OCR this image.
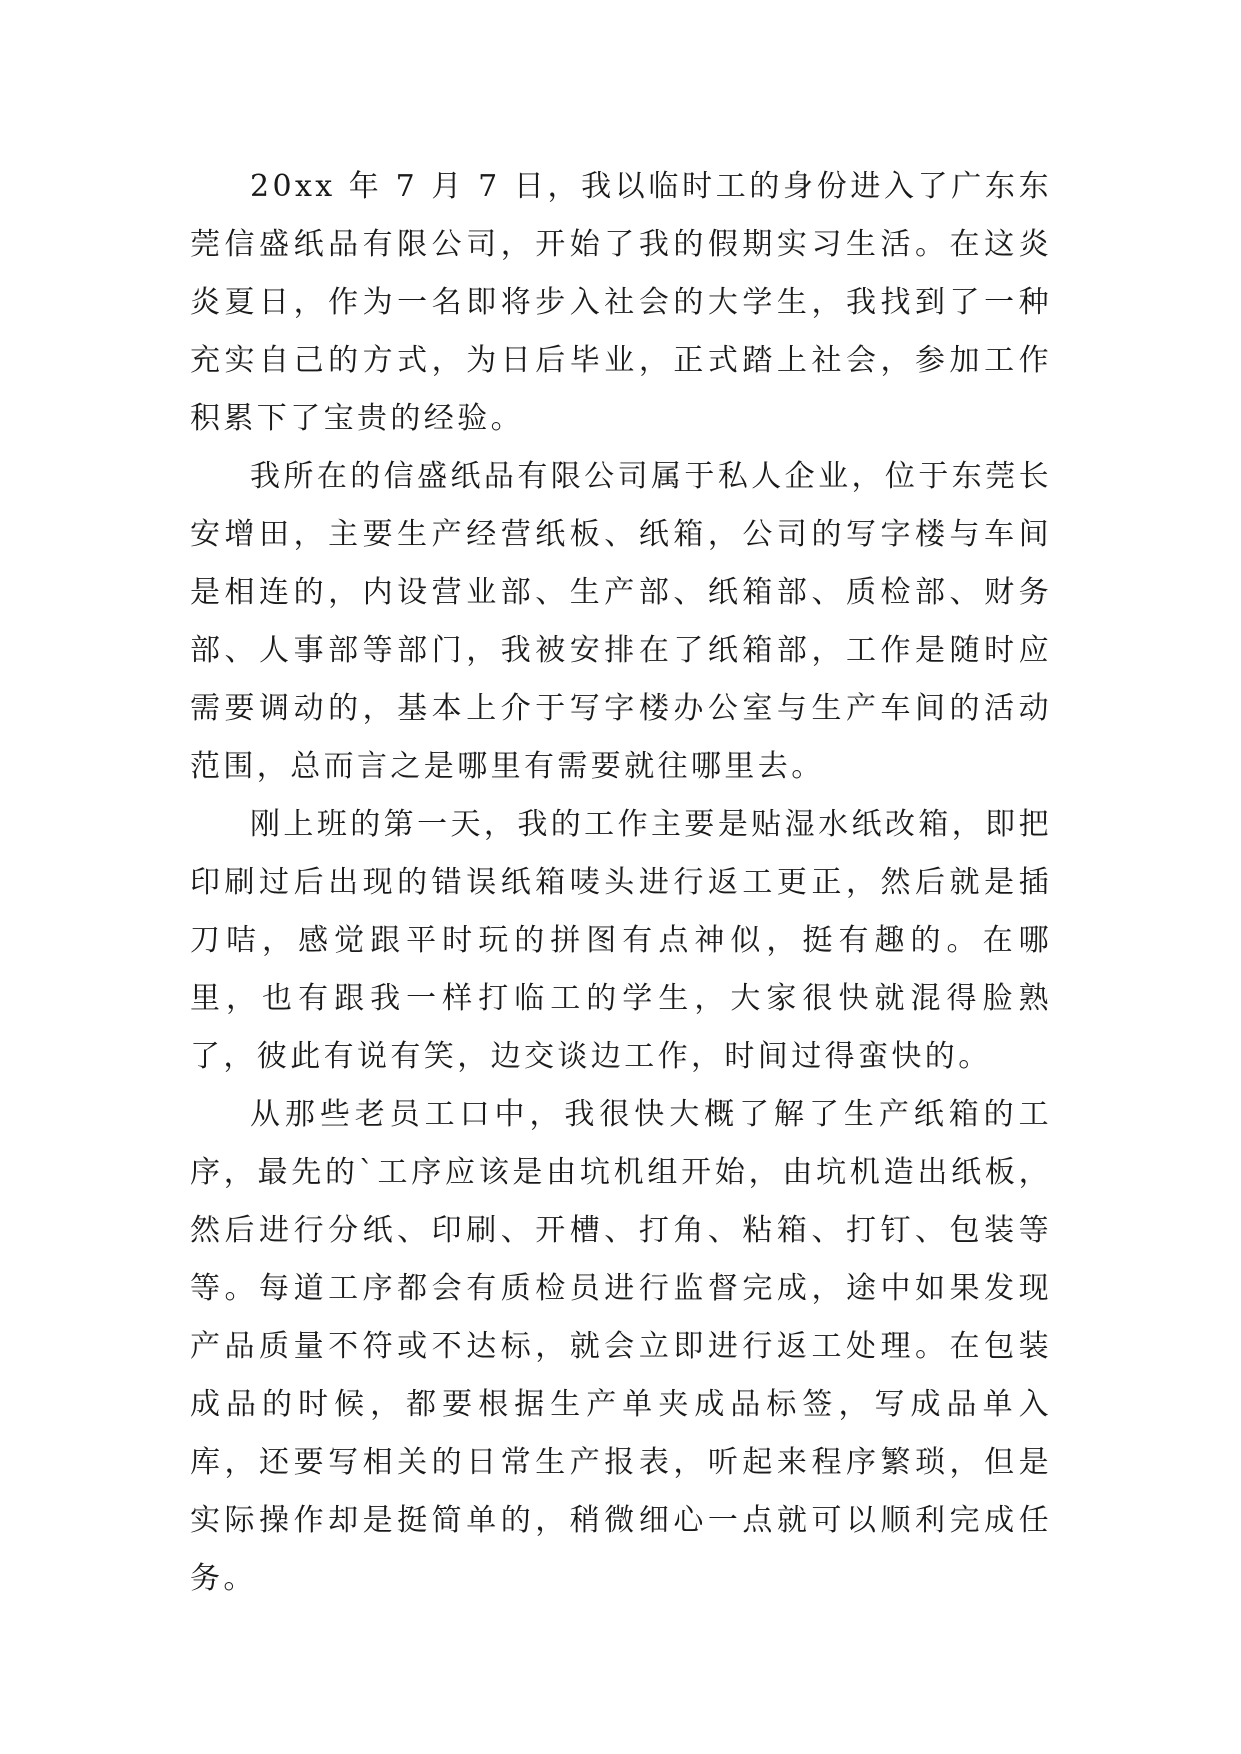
20xx 年 7 月 7 日，我以临时工的身份进入了广东东莞信盛纸品有限公司，开始了我的假期实习生活。在这炎炎夏日，作为一名即将步入社会的大学生，我找到了一种充实自己的方式，为日后毕业，正式踏上社会，参加工作积累下了宝贵的经验。

我所在的信盛纸品有限公司属于私人企业，位于东莞长安增田，主要生产经营纸板、纸箱，公司的写字楼与车间是相连的，内设营业部、生产部、纸箱部、质检部、财务部、人事部等部门，我被安排在了纸箱部，工作是随时应需要调动的，基本上介于写字楼办公室与生产车间的活动范围，总而言之是哪里有需要就往哪里去。

刚上班的第一天，我的工作主要是贴湿水纸改箱，即把印刷过后出现的错误纸箱唛头进行返工更正，然后就是插刀咭，感觉跟平时玩的拼图有点神似，挺有趣的。在哪里，也有跟我一样打临工的学生，大家很快就混得脸熟了，彼此有说有笑，边交谈边工作，时间过得蛮快的。

从那些老员工口中，我很快大概了解了生产纸箱的工序，最先的`工序应该是由坑机组开始，由坑机造出纸板，然后进行分纸、印刷、开槽、打角、粘箱、打钉、包装等等。每道工序都会有质检员进行监督完成，途中如果发现产品质量不符或不达标，就会立即进行返工处理。在包装成品的时候，都要根据生产单夹成品标签，写成品单入库，还要写相关的日常生产报表，听起来程序繁琐，但是实际操作却是挺简单的，稍微细心一点就可以顺利完成任务。
